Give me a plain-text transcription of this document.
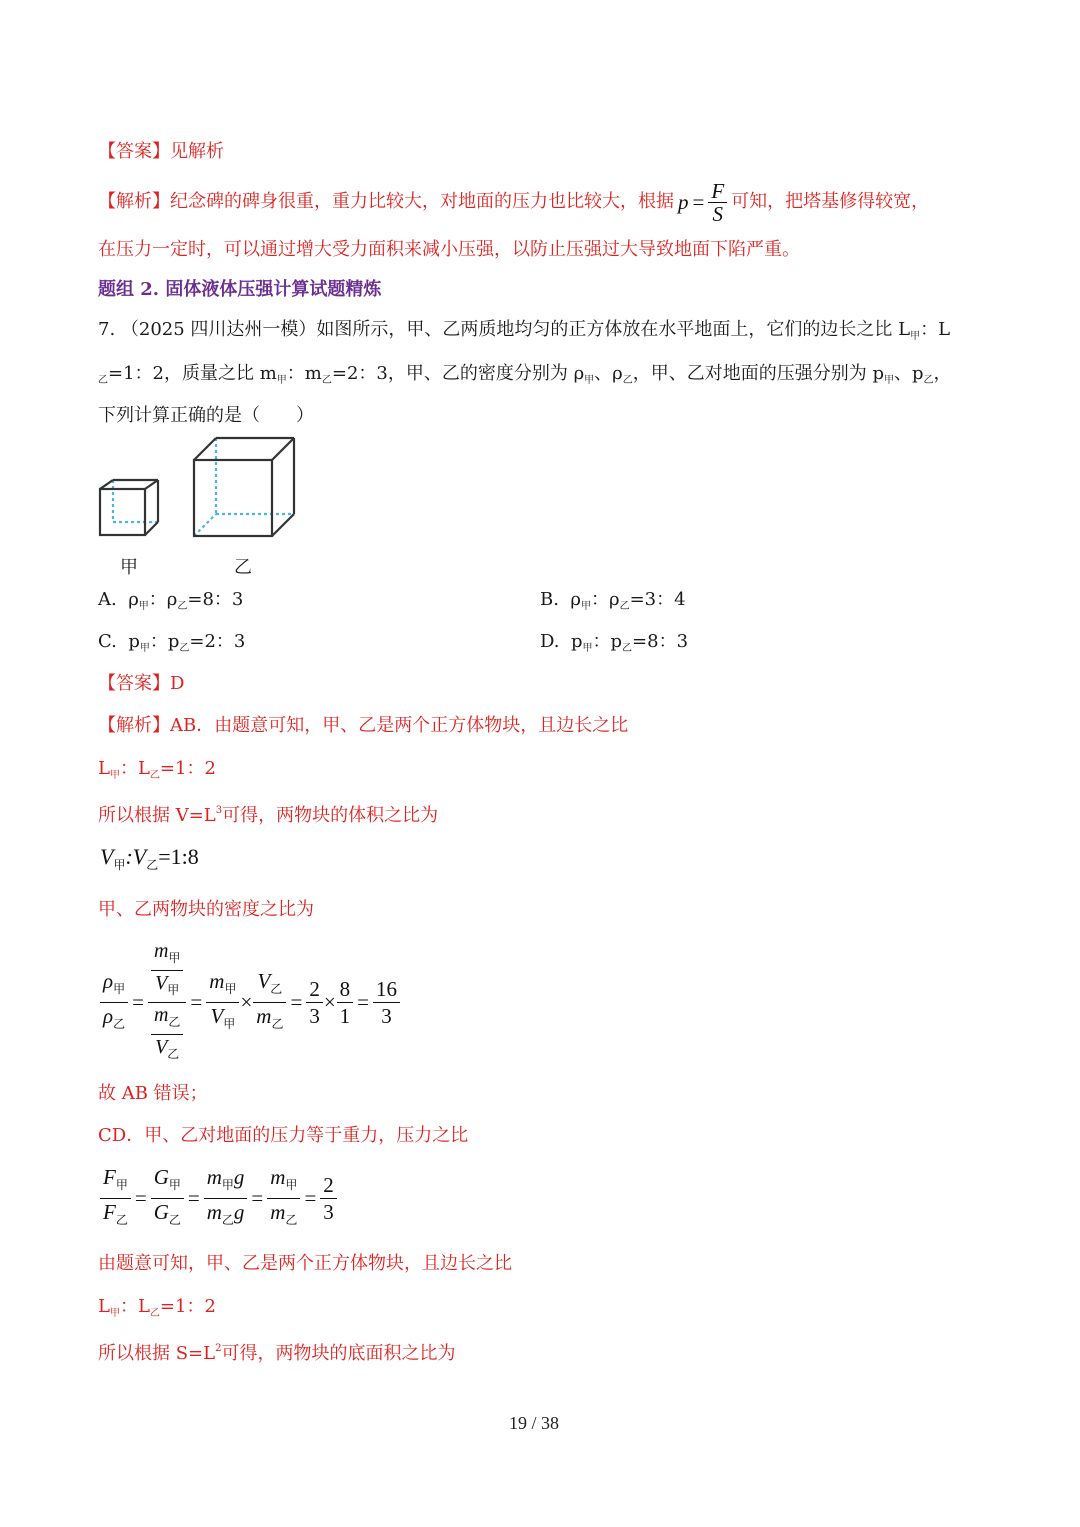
【答案】见解析
【解析】 纪念碑的碑身很重，重力比较大，对地面的压力也比较大，根据 $p = \frac{F}{S}$ 可知，把塔基修得较宽，
在压力一定时，可以通过增大受力面积来减小压强，以防止压强过大导致地面下陷严重。
题组 2. 固体液体压强计算试题精炼
7. （2025 四川达州一模）如图所示，甲、乙两质地均匀的正方体放在水平地面上，它们的边长之比 $L_甲$：L
$_乙$=1：2，质量之比 $m_甲$：$m_乙=2$：3，甲、乙的密度分别为 $\rho_甲$、$\rho_乙$，甲、乙对地面的压强分别为 $p_甲$、$p_乙$，
下列计算正确的是（　　）
甲	乙
A. $\rho_甲$：$\rho_乙=8$：3	B. $\rho_甲$：$\rho_乙=3$：4
C. $p_甲$：$p_乙=2$：3	D. $p_甲$：$p_乙=8$：3
【答案】D
【解析】AB．由题意可知，甲、乙是两个正方体物块，且边长之比
$L_甲$：$L_乙=1$：2
所以根据 $V=L^3$可得，两物块的体积之比为
$V_甲:V_乙=1:8$
甲、乙两物块的密度之比为
$\frac{\rho_甲}{\rho_乙} = \frac{\frac{m_甲}{V_甲}}{\frac{m_乙}{V_乙}} = \frac{m_甲}{V_甲} \times \frac{V_乙}{m_乙} = \frac{2}{3} \times \frac{8}{1} = \frac{16}{3}$
故 AB 错误；
CD．甲、乙对地面的压力等于重力，压力之比
$\frac{F_甲}{F_乙} = \frac{G_甲}{G_乙} = \frac{m_甲g}{m_乙g} = \frac{m_甲}{m_乙} = \frac{2}{3}$
由题意可知，甲、乙是两个正方体物块，且边长之比
$L_甲$：$L_乙=1$：2
所以根据 $S=L^2$可得，两物块的底面积之比为
19 / 38
